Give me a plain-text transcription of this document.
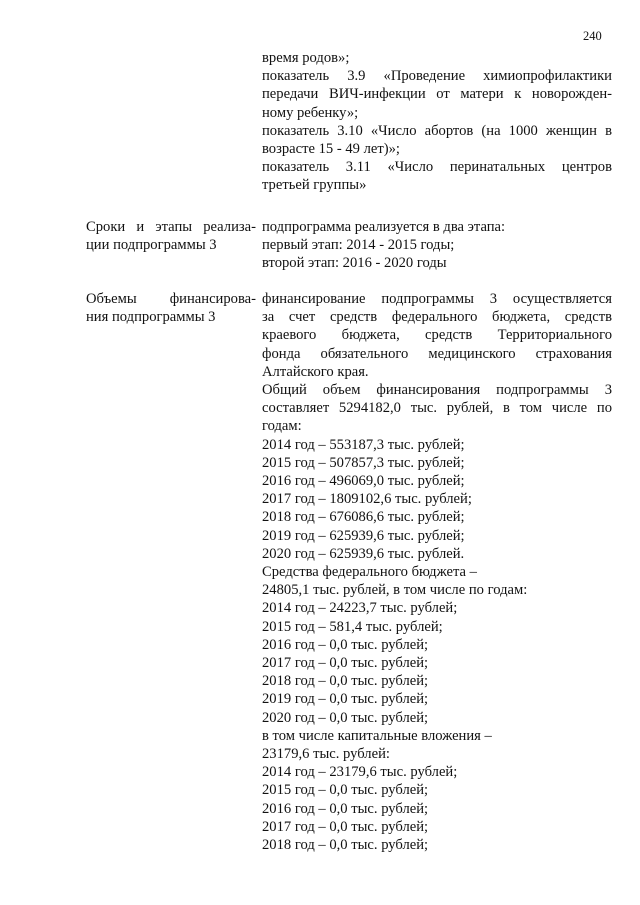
240
время родов»;
показатель 3.9 «Проведение химиопрофилактики
передачи ВИЧ-инфекции от матери к новорожден-
ному ребенку»;
показатель 3.10 «Число абортов (на 1000 женщин в
возрасте 15 - 49 лет)»;
показатель 3.11 «Число перинатальных центров
третьей группы»
Сроки и этапы реализа-
ции подпрограммы 3
подпрограмма реализуется в два этапа:
первый этап: 2014 - 2015 годы;
второй этап: 2016 - 2020 годы
Объемы финансирова-
ния подпрограммы 3
финансирование подпрограммы 3 осуществляется
за счет средств федерального бюджета, средств
краевого бюджета, средств Территориального
фонда обязательного медицинского страхования
Алтайского края.
Общий объем финансирования подпрограммы 3
составляет 5294182,0 тыс. рублей, в том числе по
годам:
2014 год – 553187,3 тыс. рублей;
2015 год – 507857,3 тыс. рублей;
2016 год – 496069,0 тыс. рублей;
2017 год – 1809102,6 тыс. рублей;
2018 год – 676086,6 тыс. рублей;
2019 год – 625939,6 тыс. рублей;
2020 год – 625939,6 тыс. рублей.
Средства федерального бюджета –
24805,1 тыс. рублей, в том числе по годам:
2014 год – 24223,7 тыс. рублей;
2015 год – 581,4 тыс. рублей;
2016 год – 0,0 тыс. рублей;
2017 год – 0,0 тыс. рублей;
2018 год – 0,0 тыс. рублей;
2019 год – 0,0 тыс. рублей;
2020 год – 0,0 тыс. рублей;
в том числе капитальные вложения –
23179,6 тыс. рублей:
2014 год – 23179,6 тыс. рублей;
2015 год – 0,0 тыс. рублей;
2016 год – 0,0 тыс. рублей;
2017 год – 0,0 тыс. рублей;
2018 год – 0,0 тыс. рублей;
